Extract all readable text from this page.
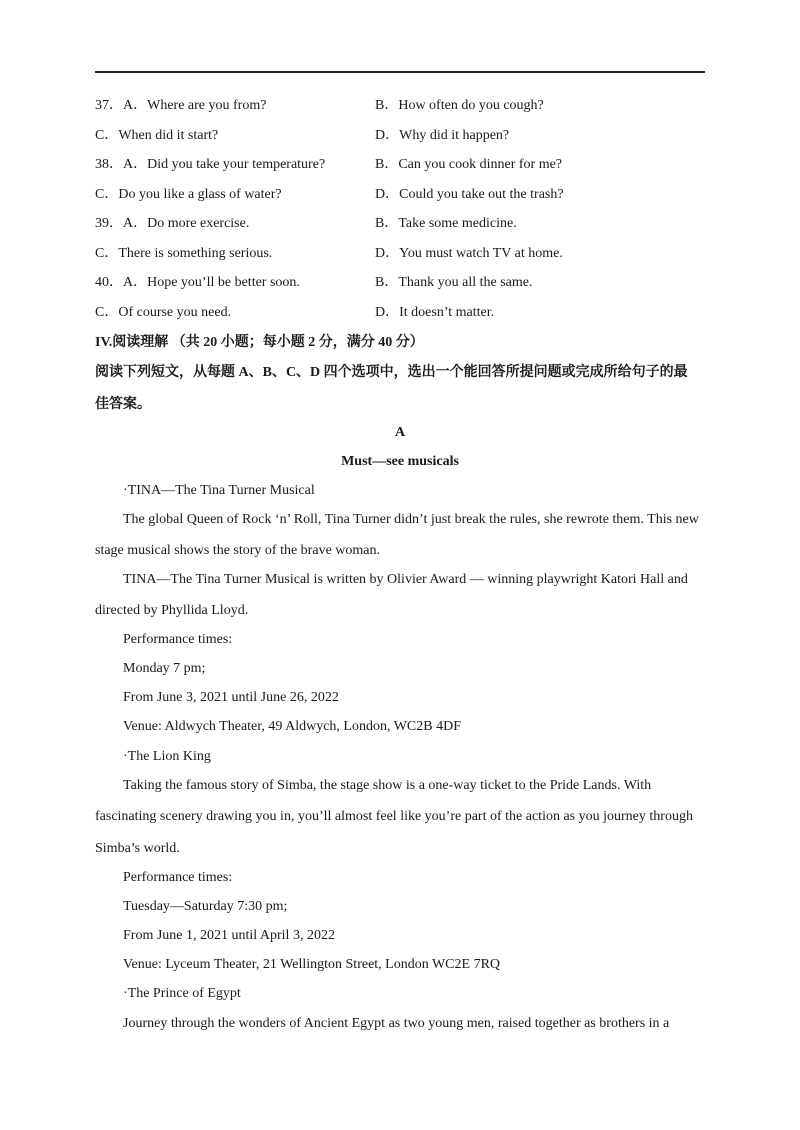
37．A．Where are you from?	B．How often do you cough?
C．When did it start?	D．Why did it happen?
38．A．Did you take your temperature?	B．Can you cook dinner for me?
C．Do you like a glass of water?	D．Could you take out the trash?
39．A．Do more exercise.	B．Take some medicine.
C．There is something serious.	D．You must watch TV at home.
40．A．Hope you’ll be better soon.	B．Thank you all the same.
C．Of course you need.	D．It doesn’t matter.
IV.阅读理解 （共 20 小题；每小题 2 分，满分 40 分）
阅读下列短文，从每题 A、B、C、D 四个选项中，选出一个能回答所提问题或完成所给句子的最
佳答案。
A
Must—see musicals
·TINA—The Tina Turner Musical
The global Queen of Rock ‘n’ Roll, Tina Turner didn’t just break the rules, she rewrote them. This new
stage musical shows the story of the brave woman.
TINA—The Tina Turner Musical is written by Olivier Award — winning playwright Katori Hall and
directed by Phyllida Lloyd.
Performance times:
Monday 7 pm;
From June 3, 2021 until June 26, 2022
Venue: Aldwych Theater, 49 Aldwych, London, WC2B 4DF
·The Lion King
Taking the famous story of Simba, the stage show is a one-way ticket to the Pride Lands. With
fascinating scenery drawing you in, you’ll almost feel like you’re part of the action as you journey through
Simba’s world.
Performance times:
Tuesday—Saturday 7:30 pm;
From June 1, 2021 until April 3, 2022
Venue: Lyceum Theater, 21 Wellington Street, London WC2E 7RQ
·The Prince of Egypt
Journey through the wonders of Ancient Egypt as two young men, raised together as brothers in a
